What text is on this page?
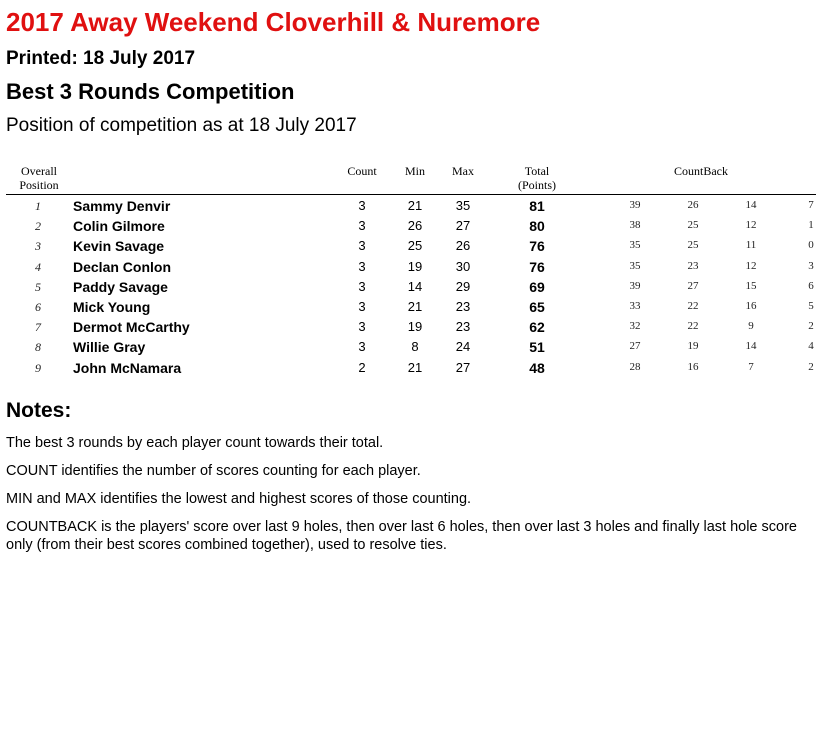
2017 Away Weekend Cloverhill & Nuremore
Printed: 18 July 2017
Best 3 Rounds Competition
Position of competition as at 18 July 2017
Overall
Position
Count	Min	Max	Total
(Points)
CountBack
1	Sammy Denvir	3	21	35	81	39	26	14	7
2	Colin Gilmore	3	26	27	80	38	25	12	1
3	Kevin Savage	3	25	26	76	35	25	11	0
4	Declan Conlon	3	19	30	76	35	23	12	3
5	Paddy Savage	3	14	29	69	39	27	15	6
6	Mick Young	3	21	23	65	33	22	16	5
7	Dermot McCarthy	3	19	23	62	32	22	9	2
8	Willie Gray	3	8	24	51	27	19	14	4
9	John McNamara	2	21	27	48	28	16	7	2
Notes:
The best 3 rounds by each player count towards their total.
COUNT identifies the number of scores counting for each player.
MIN and MAX identifies the lowest and highest scores of those counting.
COUNTBACK is the players' score over last 9 holes, then over last 6 holes, then over last 3 holes and finally last hole score only (from their best scores combined together), used to resolve ties.
